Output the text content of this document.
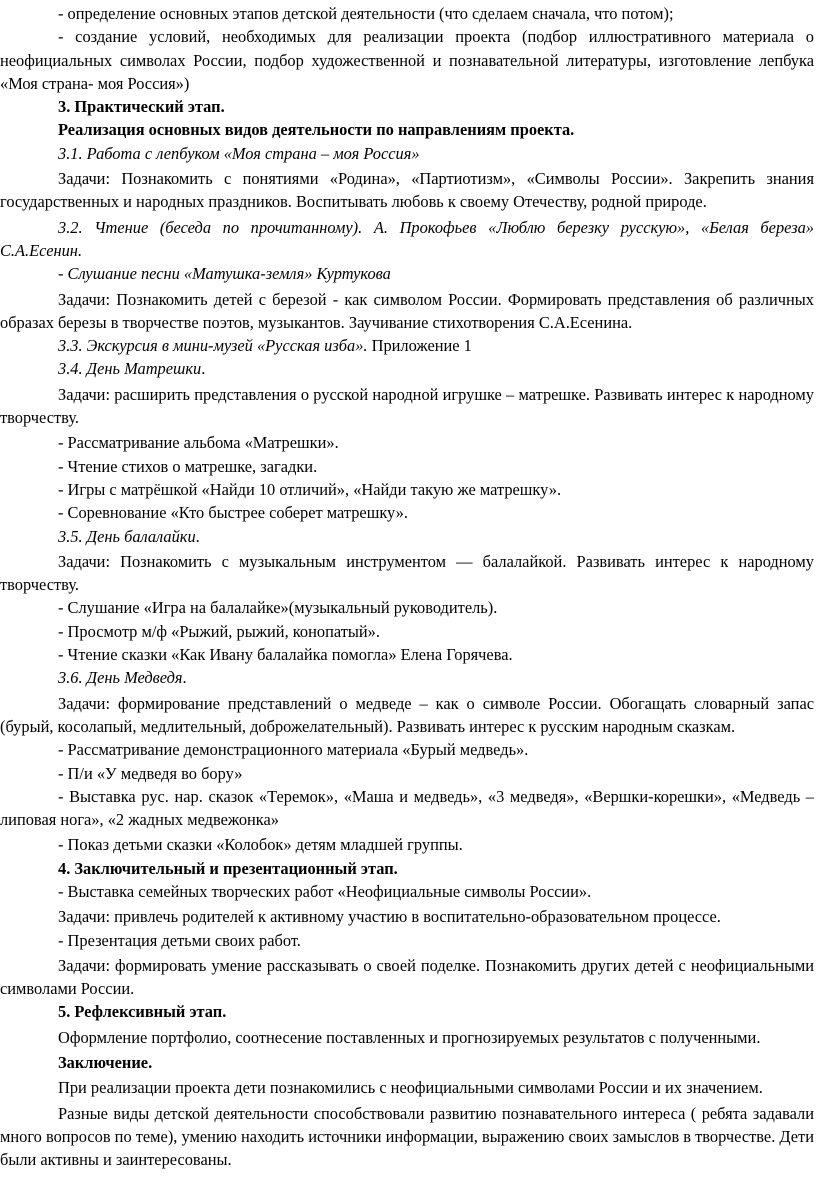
- определение основных этапов детской деятельности (что сделаем сначала, что потом);

- создание условий, необходимых для реализации проекта (подбор иллюстративного материала о неофициальных символах России, подбор художественной и познавательной литературы, изготовление лепбука «Моя страна- моя Россия»)

3. Практический этап.

Реализация основных видов деятельности по направлениям проекта.

3.1. Работа с лепбуком «Моя страна – моя Россия»

Задачи: Познакомить с понятиями «Родина», «Партиотизм», «Символы России». Закрепить знания государственных и народных праздников. Воспитывать любовь к своему Отечеству, родной природе.

3.2. Чтение (беседа по прочитанному). А. Прокофьев «Люблю березку русскую», «Белая береза» С.А.Есенин.

- Слушание песни «Матушка-земля» Куртукова

Задачи: Познакомить детей с березой - как символом России. Формировать представления об различных образах березы в творчестве поэтов, музыкантов. Заучивание стихотворения С.А.Есенина.

3.3. Экскурсия в мини-музей «Русская изба». Приложение 1

3.4. День Матрешки.

Задачи: расширить представления о русской народной игрушке – матрешке. Развивать интерес к народному творчеству.

- Рассматривание альбома «Матрешки».

- Чтение стихов о матрешке, загадки.

- Игры с матрёшкой «Найди 10 отличий», «Найди такую же матрешку».

- Соревнование «Кто быстрее соберет матрешку».

3.5. День балалайки.

Задачи: Познакомить с музыкальным инструментом — балалайкой. Развивать интерес к народному творчеству.

- Слушание «Игра на балалайке»(музыкальный руководитель).

- Просмотр м/ф «Рыжий, рыжий, конопатый».

- Чтение сказки «Как Ивану балалайка помогла» Елена Горячева.

3.6. День Медведя.

Задачи: формирование представлений о медведе – как о символе России. Обогащать словарный запас (бурый, косолапый, медлительный, доброжелательный). Развивать интерес к русским народным сказкам.

- Рассматривание демонстрационного материала «Бурый медведь».

- П/и «У медведя во бору»

- Выставка рус. нар. сказок «Теремок», «Маша и медведь», «3 медведя», «Вершки-корешки», «Медведь – липовая нога», «2 жадных медвежонка»

- Показ детьми сказки «Колобок» детям младшей группы.

4. Заключительный и презентационный этап.

- Выставка семейных творческих работ «Неофициальные символы России».

Задачи: привлечь родителей к активному участию в воспитательно-образовательном процессе.

- Презентация детьми своих работ.

Задачи: формировать умение рассказывать о своей поделке. Познакомить других детей с неофициальными символами России.

5. Рефлексивный этап.

Оформление портфолио, соотнесение поставленных и прогнозируемых результатов с полученными.

Заключение.

При реализации проекта дети познакомились с неофициальными символами России и их значением.

Разные виды детской деятельности способствовали развитию познавательного интереса ( ребята задавали много вопросов по теме), умению находить источники информации, выражению своих замыслов в творчестве. Дети были активны и заинтересованы.
